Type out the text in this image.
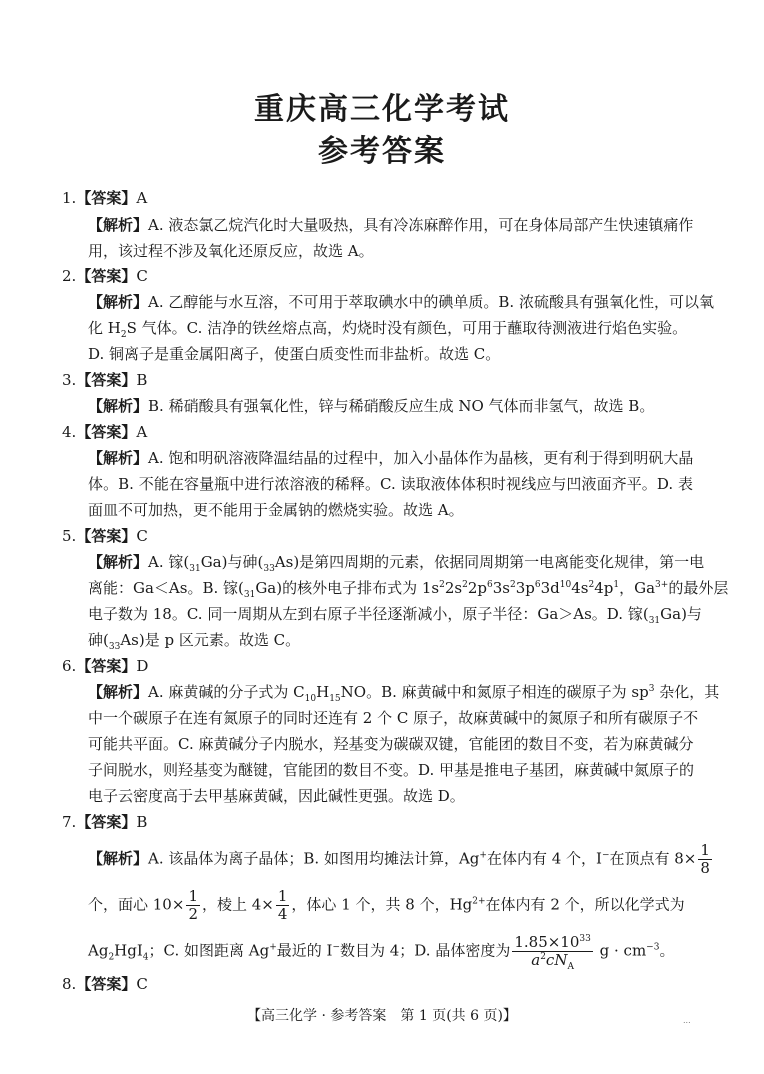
重庆高三化学考试
参考答案
1.【答案】A
【解析】A. 液态氯乙烷汽化时大量吸热，具有冷冻麻醉作用，可在身体局部产生快速镇痛作
用，该过程不涉及氧化还原反应，故选 A。
2.【答案】C
【解析】A. 乙醇能与水互溶，不可用于萃取碘水中的碘单质。B. 浓硫酸具有强氧化性，可以氧
化 $H_2S$ 气体。C. 洁净的铁丝熔点高，灼烧时没有颜色，可用于蘸取待测液进行焰色实验。
D. 铜离子是重金属阳离子，使蛋白质变性而非盐析。故选 C。
3.【答案】B
【解析】B. 稀硝酸具有强氧化性，锌与稀硝酸反应生成 NO 气体而非氢气，故选 B。
4.【答案】A
【解析】A. 饱和明矾溶液降温结晶的过程中，加入小晶体作为晶核，更有利于得到明矾大晶
体。B. 不能在容量瓶中进行浓溶液的稀释。C. 读取液体体积时视线应与凹液面齐平。D. 表
面皿不可加热，更不能用于金属钠的燃烧实验。故选 A。
5.【答案】C
【解析】A. 镓$(_{31}Ga)$与砷$(_{33}As)$是第四周期的元素，依据同周期第一电离能变化规律，第一电
离能：Ga＜As。B. 镓$(_{31}Ga)$的核外电子排布式为 $1s^22s^22p^63s^23p^63d^{10}4s^24p^1$，$Ga^{3+}$的最外层
电子数为 18。C. 同一周期从左到右原子半径逐渐减小，原子半径：Ga＞As。D. 镓$(_{31}Ga)$与
砷$(_{33}As)$是 p 区元素。故选 C。
6.【答案】D
【解析】A. 麻黄碱的分子式为 $C_{10}H_{15}NO$。B. 麻黄碱中和氮原子相连的碳原子为 $sp^3$ 杂化，其
中一个碳原子在连有氮原子的同时还连有 2 个 C 原子，故麻黄碱中的氮原子和所有碳原子不
可能共平面。C. 麻黄碱分子内脱水，羟基变为碳碳双键，官能团的数目不变，若为麻黄碱分
子间脱水，则羟基变为醚键，官能团的数目不变。D. 甲基是推电子基团，麻黄碱中氮原子的
电子云密度高于去甲基麻黄碱，因此碱性更强。故选 D。
7.【答案】B
【解析】A. 该晶体为离子晶体；B. 如图用均摊法计算，Ag+在体内有 4 个，I−在顶点有 $8\times \frac{1}{8}$
个，面心 $10\times \frac{1}{2}$ ，棱上 $4\times \frac{1}{4}$ ，体心 1 个，共 8 个，$Hg^{2+}$在体内有 2 个，所以化学式为
$Ag_2HgI_4$；C. 如图距离 Ag+最近的 I−数目为 4；D. 晶体密度为 $\frac{1.85\times 10^{33}}{a^2cN_A}$ $g \cdot cm^{-3}$。
8.【答案】C
【高三化学 · 参考答案　第 1 页(共 6 页)】	...
